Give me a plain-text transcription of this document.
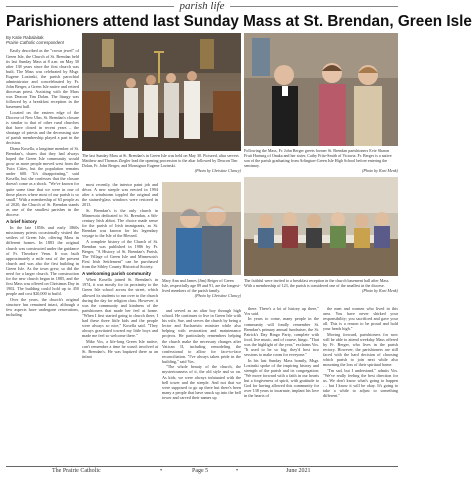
parish life
Parishioners attend last Sunday Mass at St. Brendan, Green Isle
By Katie Rabalaitak
Prairie Catholic correspondent

Easily described as the "crown jewel" of Green Isle, the Church of St. Brendan held its last Sunday Mass at 8 a.m. on May 30 after 138 years since the first church was built. The Mass was celebrated by Msgr. Eugene Lozinski, the parish parochial administrator and concelebrated by Fr. John Berger, a Green Isle native and retired diocesan priest. Assisting with the Mass was Deacon Tim Dolan. The liturgy was followed by a breakfast reception in the basement hall.

Located on the eastern edge of the Diocese of New Ulm, St. Brendan's closure is similar to that of other rural churches that have closed in recent years – the shortage of priests and the decreasing size of parish membership played a part in the decision.

Diana Kosella, a longtime member of St. Brendan's, shares that they had always hoped the Green Isle community would grow as more people moved west from the Twin Cities, but the population remains under 600. "It's disappointing," said Kosella, but she confesses that the closure doesn't come as a shock. "We've known for quite some time that we were in one of those places where most of our parish is so small." With a membership of 63 people as of 2020, the Church of St. Brendan stands as one of the smallest parishes in the diocese.

A brief history

In the late 1850s and early 1860s missionary priests occasionally visited the settlers of Green Isle, offering Mass in different homes. In 1883 the original church was constructed under the guidance of Fr. Theodore Venn. It was built approximately a mile east of the present church and was also the first building in Green Isle. As the town grew, so did the need for a larger church. The construction for the new church began in 1885, and the first Mass was offered on Christmas Day in 1902. The building could hold up to 450 people and cost $20,000 to build.

Over the years, the church's original structure has remained intact, although a few aspects have undergone renovations, including

The last Sunday Mass at St. Brendan's in Green Isle was held on May 30. Pictured, altar servers Matthew and Thomas Ziegler lead the opening procession to the altar followed by Deacon Tim Dolan, Fr. John Berger, and Monsignor Eugene Lozinski.
(Photo by Christine Clancy)

most recently, the interior paint job and décor. A new steeple was erected in 1994 after a windstorm toppled the original and the stained-glass windows were restored in 2013.

St. Brendan's is the only church in Minnesota dedicated to St. Brendan, a 6th-century Irish abbot. The choice made sense for the parish of Irish immigrants, as St. Brendan was known for his legendary voyage to the Isle of the Blessed.

A complete history of the Church of St. Brendan was published in 1986 by Fr. Berger, "A History of St. Brendan's Parish, The Village of Green Isle and Minnesota's First Irish Settlement" can be purchased from the Sibley County Historical Society.

A welcoming parish community

When Kosella joined St. Brendan's in 1974, it was mostly for its proximity to the Green Isle school across the street, which allowed its students to run over to the church during the day for religion class. However, it was the community and kindness of the parishioners that made her feel at home. "When I first started going to church there, I had these three little kids and the people were always so nice," Kosella said. "They always gravitated toward my little boys and made me feel so welcome there."

Mike Vos, a life-long Green Isle native, can't remember a time he wasn't involved at St. Brendan's. He was baptized there as an infant

Mary Ann and James (Jim) Reiger of Green Isle, respectfully age 89 and 91, are the longest-lived members of the parish family.
(Photo by Christine Clancy)

and served as an altar boy through high school. He continues to live in Green Isle with his wife, Sue, and serves the church by being a lector and Eucharistic minister while also helping with restoration and maintenance projects. He particularly remembers helping the church make the necessary changes after Vatican II, including remodeling the confessional to allow for face-to-face reconciliation. "I've always taken pride in the building," said Vos.

"The whole beauty of the church, the mysteriousness of it, the old style and so on. As kids, we were always infatuated with the bell tower and the steeple. And not that we were supposed to go up there but there's been many a people that have snuck up into the bell tower and carved their names up

Following the Mass, Fr. John Berger greets former St. Brendan parishioners Evie Sharon Fruit Hartung of Onaka and her sister, Cathy Fritz-Smith of Victoria. Fr. Berger is a native son of the parish graduating from Arlington-Green Isle High School before entering the seminary.
(Photo by Kari Menk)
The faithful were invited to a breakfast reception in the church basement hall after Mass. With a membership of 123, the parish is considered one of the smallest in the diocese.
(Photo by Kari Menk)

there. There's a lot of history up there," Vos said.

In years to come, many people in the community will fondly remember St. Brendan's primary annual fundraiser, the St. Patrick's Day Bingo Party, complete with food, live music, and of course, bingo. "That was the highlight of the year," exclaims Vos. "It used to be so big; they'd host two sessions to make room for everyone."

In his last Sunday Mass homily, Msgr. Lozinski spoke of the inspiring history and strength of the parish and its congregation: "We move forward with a faith in our hearts but a forgiveness of spirit, with gratitude to God for having allowed this community for over 138 years to incarnate, implant his love in the hearts of

the men and women who lived in this area. You have never shirked your responsibility; you sacrificed and gave your all. This is a reason to be proud and hold your heads high."

Moving forward, parishioners for now will be able to attend weekday Mass offered by Fr. Berger, who lives in the parish rectory. However, the parishioners are still faced with the hard decision of choosing which parish to join next while also mourning the loss of their spiritual home.

"I'm sad, but I understand," admits Vos. "We've really feeling the best direction for us. We don't know what's going to happen … but I know it will be okay. It's going to take a while to adjust to something different."

The Prairie Catholic	•	Page 5	•	June 2021
